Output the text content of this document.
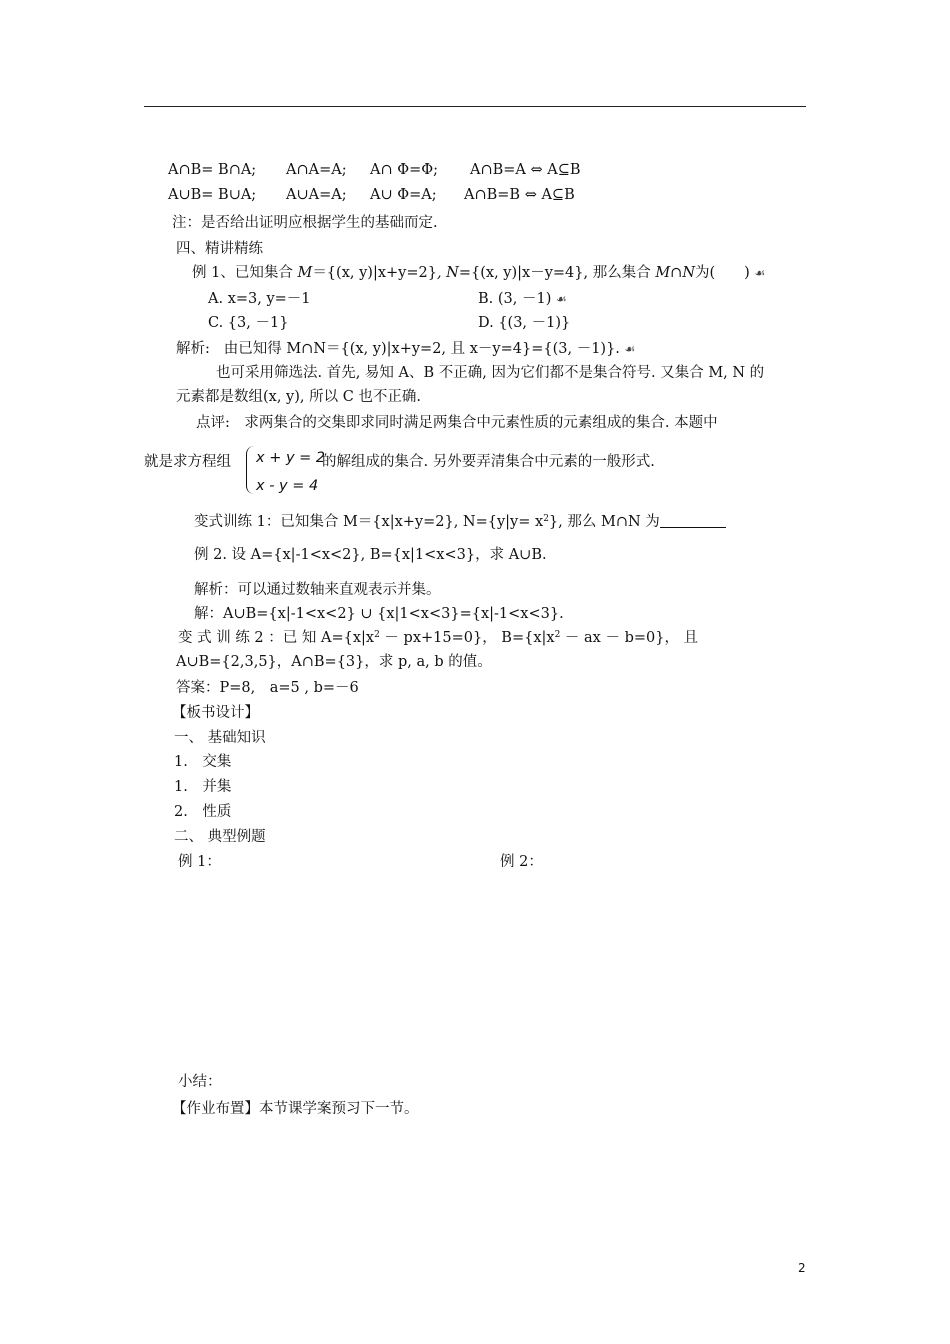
A∩B= B∩A; A∩A=A; A∩ Φ=Φ; A∩B=A ⇔ A⊆B
A∪B= B∪A; A∪A=A; A∪ Φ=A; A∩B=B ⇔ A⊆B
注：是否给出证明应根据学生的基础而定.
四、精讲精练
例 1、已知集合 M＝{(x, y)|x+y=2}, N={(x, y)|x－y=4}, 那么集合 M∩N为(　　) ☙
A. x=3, y=－1	B. (3, －1) ☙
C. {3, －1}	D. {(3, －1)}
解析: 由已知得 M∩N＝{(x, y)|x+y=2, 且 x－y=4}={(3, －1)}. ☙
也可采用筛选法. 首先, 易知 A、B 不正确, 因为它们都不是集合符号. 又集合 M, N 的
元素都是数组(x, y), 所以 C 也不正确.
点评:　求两集合的交集即求同时满足两集合中元素性质的元素组成的集合. 本题中
就是求方程组 x + y = 2
x - y = 4
的解组成的集合. 另外要弄清集合中元素的一般形式.
变式训练 1：已知集合 M＝{x|x+y=2}, $N=\{y|y= x^2\}$, 那么 M∩N 为
例 2. 设 A={x|-1<x<2}, B={x|1<x<3}，求 A∪B.
解析：可以通过数轴来直观表示并集。
解：A∪B={x|-1<x<2} ∪ {x|1<x<3}={x|-1<x<3}.
变 式 训 练 2 ：已 知 $A=\{x|x^2 - px+15=0\}$， $B=\{x|x^2$ － ax － b=0}， 且
A∪B={2,3,5}，A∩B={3}，求 p, a, b 的值。
答案：P=8,　a=5 , b=－6
【板书设计】
一、 基础知识
1.　交集
1.　并集
2.　性质
二、 典型例题
例 1：	例 2：
小结：
【作业布置】本节课学案预习下一节。
2
